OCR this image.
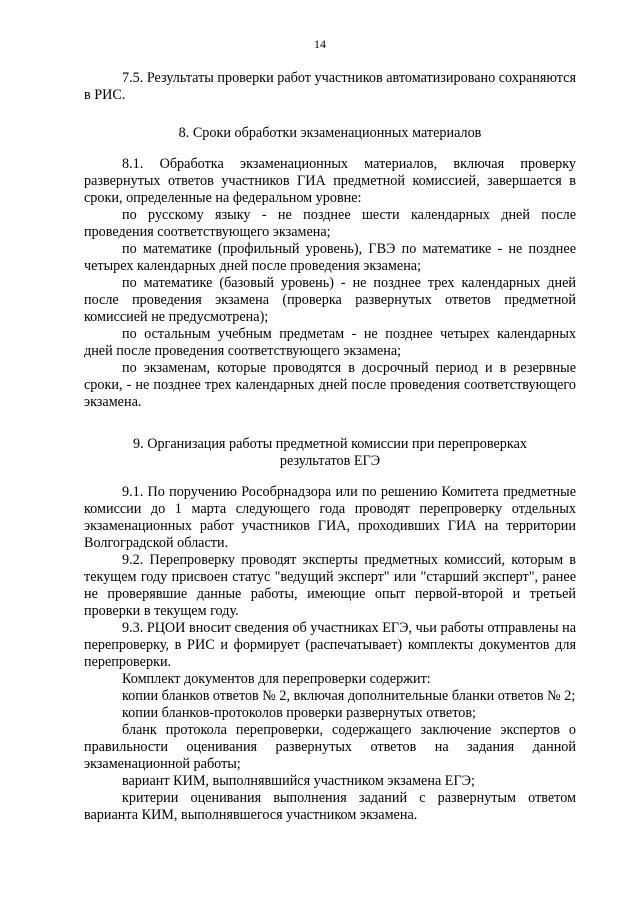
14

7.5. Результаты проверки работ участников автоматизировано сохраняются в РИС.

8. Сроки обработки экзаменационных материалов

8.1. Обработка экзаменационных материалов, включая проверку развернутых ответов участников ГИА предметной комиссией, завершается в сроки, определенные на федеральном уровне:

по русскому языку - не позднее шести календарных дней после проведения соответствующего экзамена;

по математике (профильный уровень), ГВЭ по математике - не позднее четырех календарных дней после проведения экзамена;

по математике (базовый уровень) - не позднее трех календарных дней после проведения экзамена (проверка развернутых ответов предметной комиссией не предусмотрена);

по остальным учебным предметам - не позднее четырех календарных дней после проведения соответствующего экзамена;

по экзаменам, которые проводятся в досрочный период и в резервные сроки, - не позднее трех календарных дней после проведения соответствующего экзамена.

9. Организация работы предметной комиссии при перепроверках

результатов ЕГЭ

9.1. По поручению Рособрнадзора или по решению Комитета предметные комиссии до 1 марта следующего года проводят перепроверку отдельных экзаменационных работ участников ГИА, проходивших ГИА на территории Волгоградской области.

9.2. Перепроверку проводят эксперты предметных комиссий, которым в текущем году присвоен статус "ведущий эксперт" или "старший эксперт", ранее не проверявшие данные работы, имеющие опыт первой-второй и третьей проверки в текущем году.

9.3. РЦОИ вносит сведения об участниках ЕГЭ, чьи работы отправлены на перепроверку, в РИС и формирует (распечатывает) комплекты документов для перепроверки.

Комплект документов для перепроверки содержит:

копии бланков ответов № 2, включая дополнительные бланки ответов № 2;

копии бланков-протоколов проверки развернутых ответов;

бланк протокола перепроверки, содержащего заключение экспертов о правильности оценивания развернутых ответов на задания данной экзаменационной работы;

вариант КИМ, выполнявшийся участником экзамена ЕГЭ;

критерии оценивания выполнения заданий с развернутым ответом варианта КИМ, выполнявшегося участником экзамена.
